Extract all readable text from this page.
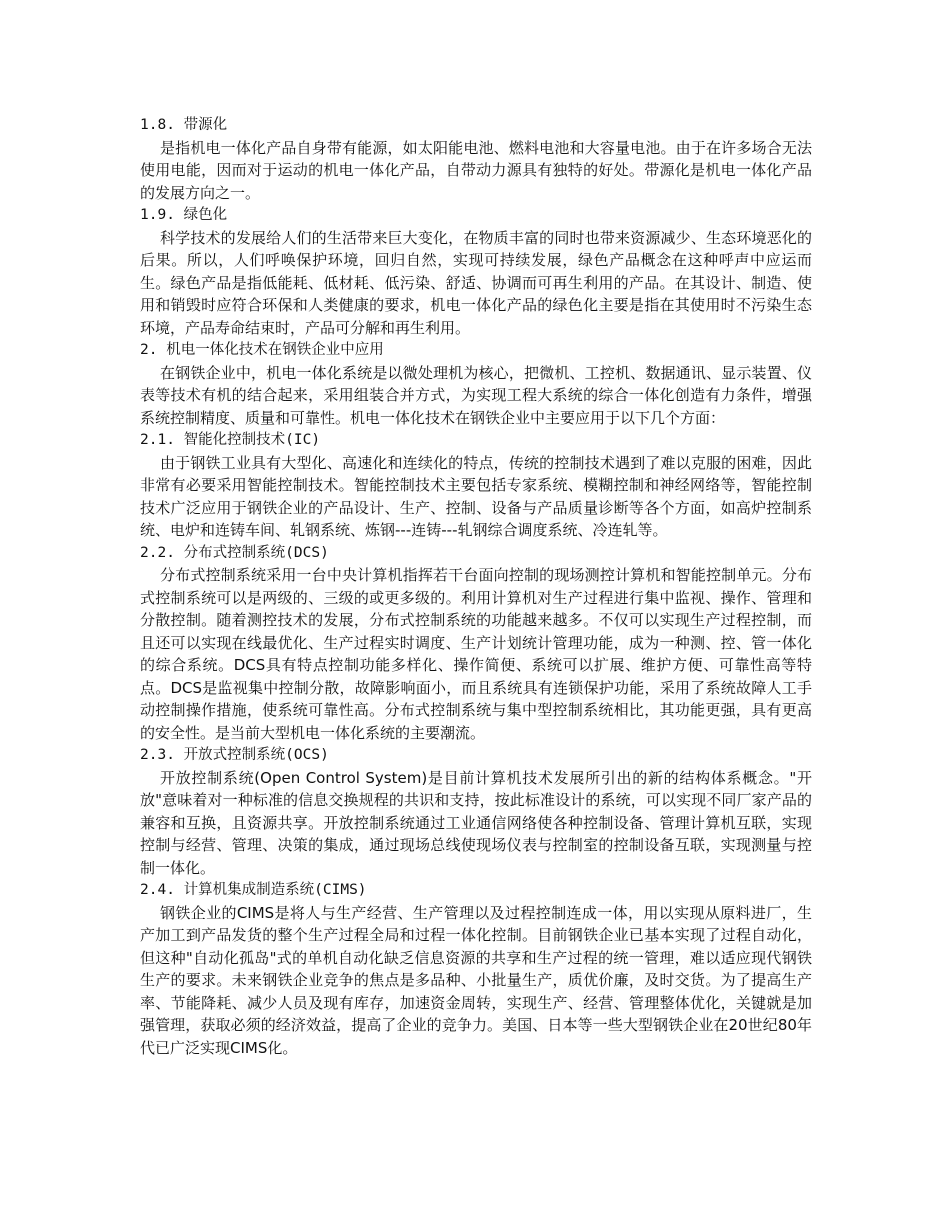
1.8. 带源化

是指机电一体化产品自身带有能源，如太阳能电池、燃料电池和大容量电池。由于在许多场合无法使用电能，因而对于运动的机电一体化产品，自带动力源具有独特的好处。带源化是机电一体化产品的发展方向之一。

1.9. 绿色化

科学技术的发展给人们的生活带来巨大变化，在物质丰富的同时也带来资源减少、生态环境恶化的后果。所以，人们呼唤保护环境，回归自然，实现可持续发展，绿色产品概念在这种呼声中应运而生。绿色产品是指低能耗、低材耗、低污染、舒适、协调而可再生利用的产品。在其设计、制造、使用和销毁时应符合环保和人类健康的要求，机电一体化产品的绿色化主要是指在其使用时不污染生态环境，产品寿命结束时，产品可分解和再生利用。

2. 机电一体化技术在钢铁企业中应用

在钢铁企业中，机电一体化系统是以微处理机为核心，把微机、工控机、数据通讯、显示装置、仪表等技术有机的结合起来，采用组装合并方式，为实现工程大系统的综合一体化创造有力条件，增强系统控制精度、质量和可靠性。机电一体化技术在钢铁企业中主要应用于以下几个方面：

2.1. 智能化控制技术(IC)

由于钢铁工业具有大型化、高速化和连续化的特点，传统的控制技术遇到了难以克服的困难，因此非常有必要采用智能控制技术。智能控制技术主要包括专家系统、模糊控制和神经网络等，智能控制技术广泛应用于钢铁企业的产品设计、生产、控制、设备与产品质量诊断等各个方面，如高炉控制系统、电炉和连铸车间、轧钢系统、炼钢---连铸---轧钢综合调度系统、冷连轧等。

2.2. 分布式控制系统(DCS)

分布式控制系统采用一台中央计算机指挥若干台面向控制的现场测控计算机和智能控制单元。分布式控制系统可以是两级的、三级的或更多级的。利用计算机对生产过程进行集中监视、操作、管理和分散控制。随着测控技术的发展，分布式控制系统的功能越来越多。不仅可以实现生产过程控制，而且还可以实现在线最优化、生产过程实时调度、生产计划统计管理功能，成为一种测、控、管一体化的综合系统。DCS具有特点控制功能多样化、操作简便、系统可以扩展、维护方便、可靠性高等特点。DCS是监视集中控制分散，故障影响面小，而且系统具有连锁保护功能，采用了系统故障人工手动控制操作措施，使系统可靠性高。分布式控制系统与集中型控制系统相比，其功能更强，具有更高的安全性。是当前大型机电一体化系统的主要潮流。

2.3. 开放式控制系统(OCS)

开放控制系统(Open Control System)是目前计算机技术发展所引出的新的结构体系概念。"开放"意味着对一种标准的信息交换规程的共识和支持，按此标准设计的系统，可以实现不同厂家产品的兼容和互换，且资源共享。开放控制系统通过工业通信网络使各种控制设备、管理计算机互联，实现控制与经营、管理、决策的集成，通过现场总线使现场仪表与控制室的控制设备互联，实现测量与控制一体化。

2.4. 计算机集成制造系统(CIMS)

钢铁企业的CIMS是将人与生产经营、生产管理以及过程控制连成一体，用以实现从原料进厂，生产加工到产品发货的整个生产过程全局和过程一体化控制。目前钢铁企业已基本实现了过程自动化，但这种"自动化孤岛"式的单机自动化缺乏信息资源的共享和生产过程的统一管理，难以适应现代钢铁生产的要求。未来钢铁企业竞争的焦点是多品种、小批量生产，质优价廉，及时交货。为了提高生产率、节能降耗、减少人员及现有库存，加速资金周转，实现生产、经营、管理整体优化，关键就是加强管理，获取必须的经济效益，提高了企业的竞争力。美国、日本等一些大型钢铁企业在20世纪80年代已广泛实现CIMS化。
